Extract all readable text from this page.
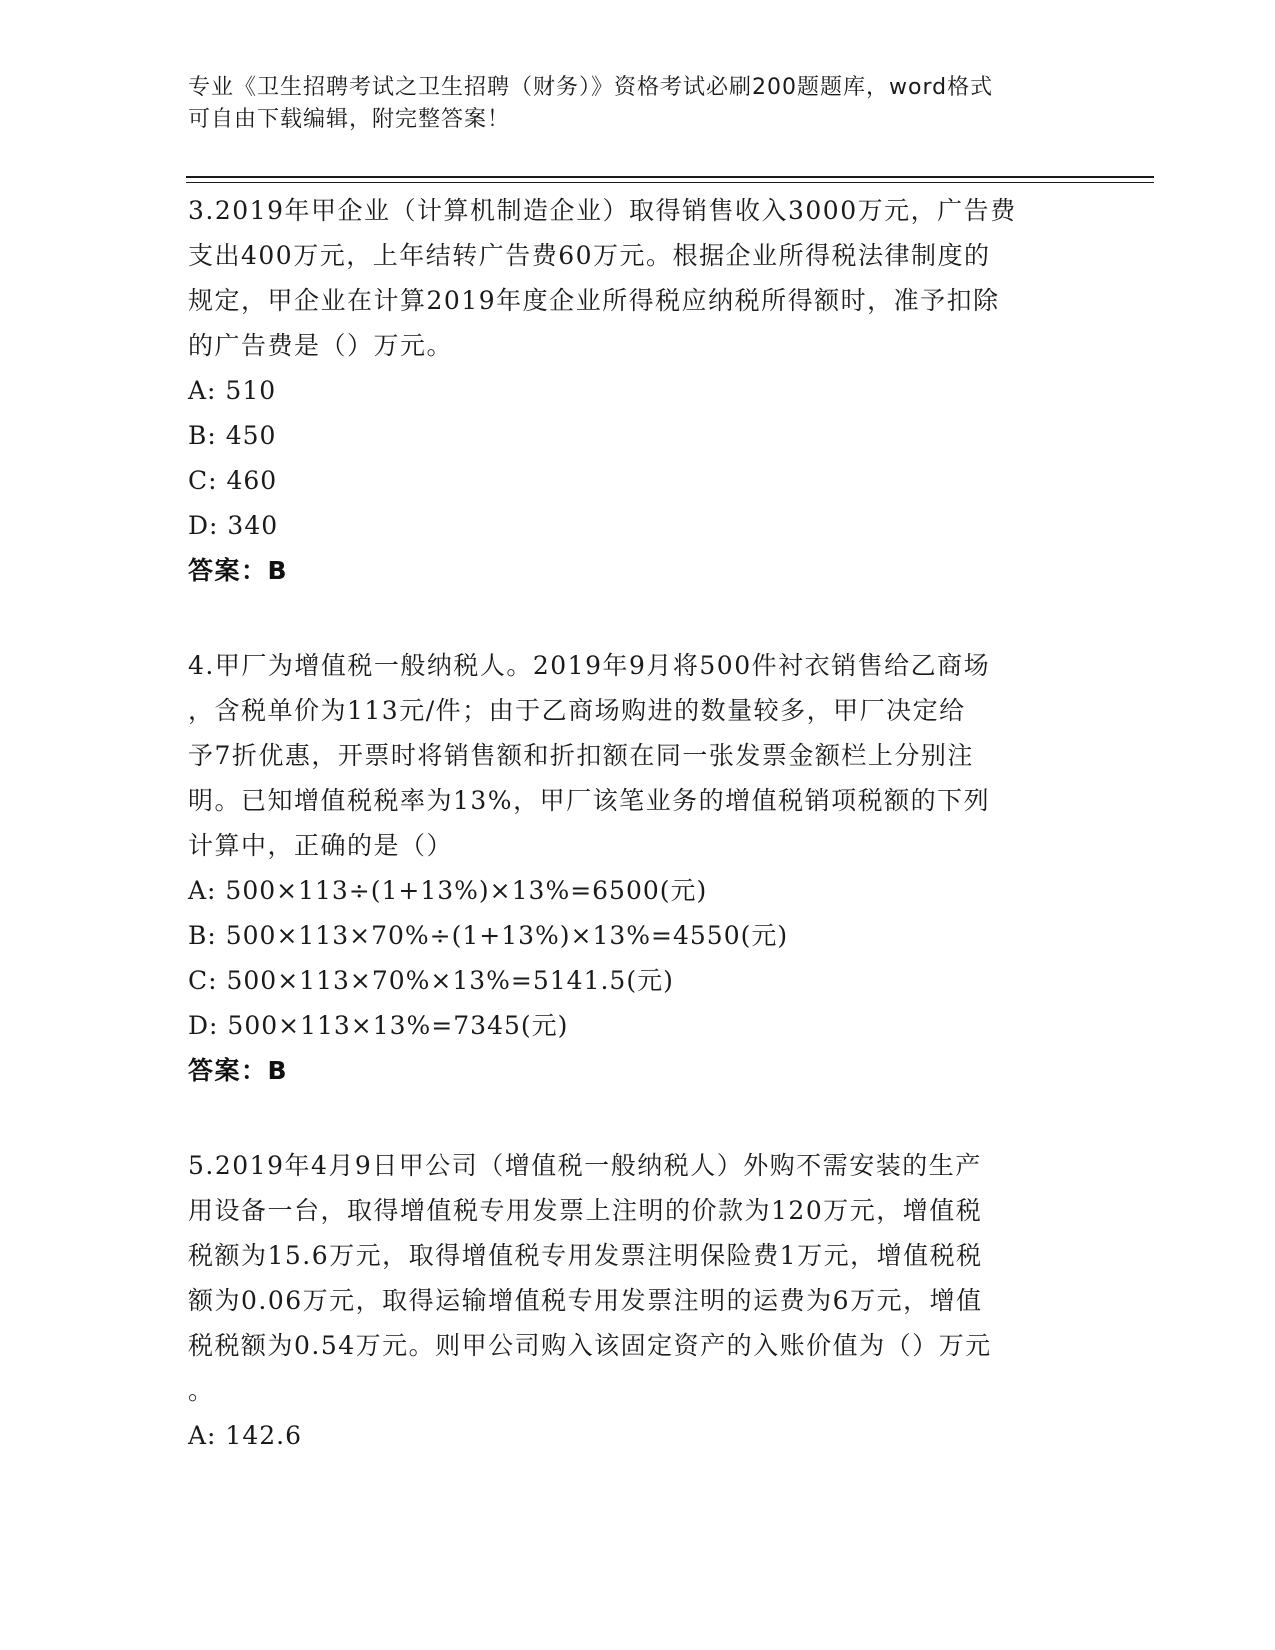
专业《卫生招聘考试之卫生招聘（财务）》资格考试必刷200题题库，word格式
可自由下载编辑，附完整答案！
3.2019年甲企业（计算机制造企业）取得销售收入3000万元，广告费
支出400万元，上年结转广告费60万元。根据企业所得税法律制度的
规定，甲企业在计算2019年度企业所得税应纳税所得额时，准予扣除
的广告费是（）万元。
A: 510
B: 450
C: 460
D: 340
答案：B
4.甲厂为增值税一般纳税人。2019年9月将500件衬衣销售给乙商场
，含税单价为113元/件；由于乙商场购进的数量较多，甲厂决定给
予7折优惠，开票时将销售额和折扣额在同一张发票金额栏上分别注
明。已知增值税税率为13%，甲厂该笔业务的增值税销项税额的下列
计算中，正确的是（）
A: 500×113÷(1+13%)×13%=6500(元)
B: 500×113×70%÷(1+13%)×13%=4550(元)
C: 500×113×70%×13%=5141.5(元)
D: 500×113×13%=7345(元)
答案：B
5.2019年4月9日甲公司（增值税一般纳税人）外购不需安装的生产
用设备一台，取得增值税专用发票上注明的价款为120万元，增值税
税额为15.6万元，取得增值税专用发票注明保险费1万元，增值税税
额为0.06万元，取得运输增值税专用发票注明的运费为6万元，增值
税税额为0.54万元。则甲公司购入该固定资产的入账价值为（）万元
。
A: 142.6
